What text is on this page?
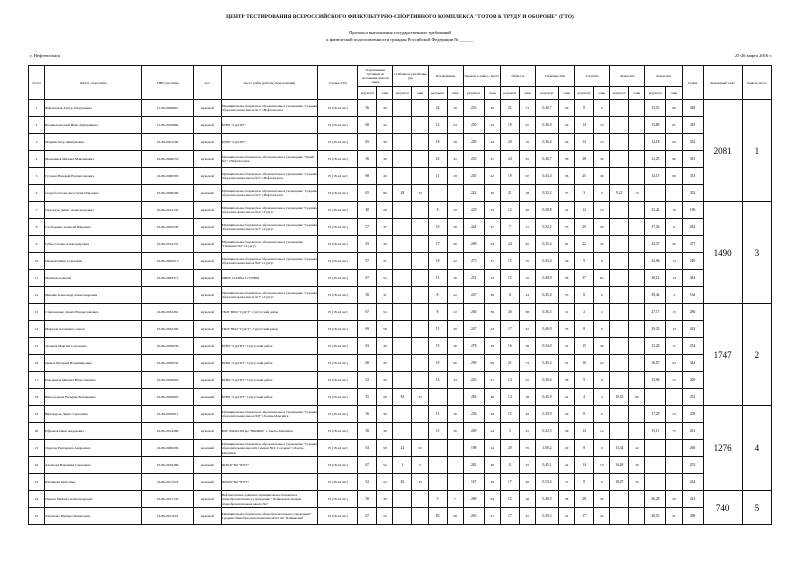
ЦЕНТР ТЕСТИРОВАНИЯ ВСЕРОССИЙСКОГО ФИЗКУЛЬТУРНО-СПОРТИВНОГО КОМПЛЕКСА "ГОТОВ К ТРУДУ И ОБОРОНЕ" (ГТО)
Протокол выполнения государственных требований
к физической подготовленности граждан Российской Федерации № ______
г. Нефтеюганск	25-26 марта 2016 г.
№ п/п	Ф.И.О. спортсмена	УИН участника	пол	место учёбы (работы) (при наличии)	ступень ГТО	Подтягивание туловища из положения лежа на спине		Сгибание и разгибание рук		Подтягивание		Прыжок в длину с места		Гибкость		Плавание 50м		Стрельба		Лыжи 3км		Лыжи 5км		Сумма	Командный зачёт	Занятое место
						результат	очки	результат	очки	результат	очки	результат	очки	результат	очки	результат	очки	результат	очки	результат	очки	результат	очки			
1	Файзуллаев Артур Ульхушевич	15-86-0009667	мужской	Муниципальное бюджетное образовательное учреждение "Средняя образовательная школа №1" г.Нефтеюганск	VI (18-24 лет)	56	36			24	18	253	46	21	73	0,40,7	39	8	0			15,53	66	348	2081	1
2	Великопольский Иван Дмитриевич	15-86-0016880	мужской	БУВО "СурГПУ"	VI (18-24 лет)	68	42			14	24	250	43	19	67	0,36,0	43	14	13			13,80	91	345		
3	Маркин Захр Дмитриевич	16-86-0021166	мужской	БУВО "СурГПУ"	VI (18-24 лет)	65	38			18	28	249	44	20	70	0,36,4	46	14	13			12,18	92	352		
4	Мальчиков Михаил Максимович	16-86-0000253	мужской	Муниципальное бюджетное образовательное учреждение "Лицей №1" г.Нефтеюганск	VI (18-24 лет)	56	36			23	32	255	47	24	82	0,40,7	38	28	30			12,25	96	381		
5	Гусаков Валерий Владиславович	16-86-0000583	мужской	Муниципальное бюджетное образовательное учреждение "Средняя образовательная школа №2" г.Нефтеюганск	VI (18-24 лет)	68	40			11	28	245	42	19	67	0,43,4	36	25	40			14,15	80	333		
6	Скоробогатова Анастасия Павловна	16-86-0038209	женский	Муниципальное бюджетное образовательное учреждение "Средняя образовательная школа №3" г.Нефтеюганск	VI (18-24 лет)	65	80	28	33			222	36	21	58	0,52,2	37	3	3	9,23	13			352		
7	Сидорчук Денис Александрович	16-86-0014132	мужской	Муниципальное бюджетное образовательное учреждение "Средняя образовательная школа №4" г.Сургут	VI (18-24 лет)	48	28			8	22	229	34	12	46	0,38,8	42	12	14			33,42	10	196	1490	3
8	Слободенко Алексей Юрьевич	16-86-0002540	мужской	Муниципальное бюджетное образовательное учреждение "Средняя образовательная школа №5" г.Сургут	VI (18-24 лет)	57	37			10	28	244	37	7	31	0,52,2	33	29	43			37,36	6	282		
9	Губка Степан Александрович	16-86-0014131	мужской	Муниципальное бюджетное образовательное учреждение "Гимназия №2" г.Сургут	VI (18-24 лет)	63	46			17	40	268	34	24	82	0,25,4	92	22	34			22,37	29	377		
10	Иванова Иван Сергеевич	16-86-0005013	мужской	Муниципальное бюджетное образовательное учреждение "Средняя образовательная школа №6" г.Сургут	VI (18-24 лет)	57	37			18	42	275	37	15	35	0,43,4	36	9	9			34,06	13	249		
11	Матвеев Алексей	16-86-0003371	мужской	МБОУ СОШ№13 г.УНЮЛ	VI (18-24 лет)	67	54			15	30	251	43	15	35	0,48,9	38	37	64			38,12	14	382		
12	Мишин Александр Александрович		мужской	Муниципальное бюджетное образовательное учреждение "Средняя образовательная школа №7" г.Сургут	VI (18-24 лет)	58	31			8	22	247	38	11	43	0,45,0	35	8	0			38,42	3	164		
13	Степанченко Данил Владиславович	16-86-0032281	мужской	ГБОУ ВПО "СурГУ", Сургутский район	VI (18-24 лет)	67	54			8	22	260	30	26	88	0,36,3	31	2	2			27,17	15	286	1747	2
14	Макадов Алтынмяо сынов	16-86-0032290	мужской	ГБОУ ВПО "СурГУ", Сургутский район	VI (18-24 лет)	69	58			15	30	247	43	17	61	0,46,9	33	8	0			29,35	13	242		
15	Троцкая Максим Сергеевич	16-86-0030036	мужской	БУВО "СурГПУ" Сургутский район	VI (18-24 лет)	63	46			15	30	278	39	16	38	0,34,0	32	15	30			13,28	17	254		
16	Цымах Валерий Владимирович	16-86-0030034	мужской	БУВО "СурГПУ" Сургутский район	VI (18-24 лет)	68	40			19	60	299	69	21	73	0,45,4	32	16	22			16,07	64	344		
17	Емельянов Михаил Вячеславович	16-86-0030093	мужской	БУВО "СурГПУ" Сургутский район	VI (18-24 лет)	52	32			14	34	243	41	14	32	0,38,4	38	9	9			15,06	72	269		
18	Виноградова Валерия Валерьевна	16-86-0030093	женский	БУВО "СурГПУ" Сургутский район	VI (18-24 лет)	35	29	83	33			282	46	14	38	0,45,9	42	4	4	10,53	60			252		
19	Винокуров Денис Сергеевич	16-86-0020011	мужской	Муниципальное бюджетное образовательное учреждение "Средняя образовательная школа №8" г.Ханты-Мансийск	VI (18-24 лет)	56	36			15	30	256	48	15	49	0,39,9	40	8	0			17,29	53	258	1276	4
20	Ефремов Иван Андреевич	16-86-0014280	мужской	БОУ ХМАО-Югры "ЮКМБИ" г. Ханты-Мансийск	VI (18-24 лет)	58	38			15	30	249	44	5	25	0,43,5	36	12	14			15,11	72	261		
21	Озерова Екатерина Андреевна	16-86-0000299	женский	Муниципальное бюджетное образовательное учреждение "Средняя образовательная школа№1 имени Ю.Г. Созонова" г.Ханты-Мансийск	VI (18-24 лет)	54	58	22	32			198	44	20	35	1,00,2	29	8	0	13,34	42			260		
22	Аксенова Вероника Сергеевна	16-86-0019286	женский	ФГБОУ ВО "ЮГУ"	VI (18-24 лет)	67	54	1	2			282	46	11	32	0,45,1	42	14	13	14,26	29			253		
23	Юзликова Кристина	16-86-0011103	женский	ФГБОУ ВО "ЮГУ"	VI (18-24 лет)	52	54	82	33			167	28	17	46	0,53,4	72	8	0	18,47	33			244		
24	Павлов Михаил Александрович	16-86-0017133	мужской	Нефтеюганское районное муниципальное бюджетное общеобразовательное учреждение " Пойковская средняя общеобразовательная школа №2"	VI (18-24 лет)	58	38			3	7	289	64	12	46	0,48,5	38	28	30			26,28	20	243	740	5
25	Хатыпова Варвара Фанисовна	16-86-0011103	мужской	Муниципальное бюджетное общеобразовательное учреждение " Средняя общеобразовательная школа№2 пгт. Пойковский	VI (18-24 лет)	67	54			85	36	263	31	17	61	0,39,3	41	17	24			28,55	31	298		
